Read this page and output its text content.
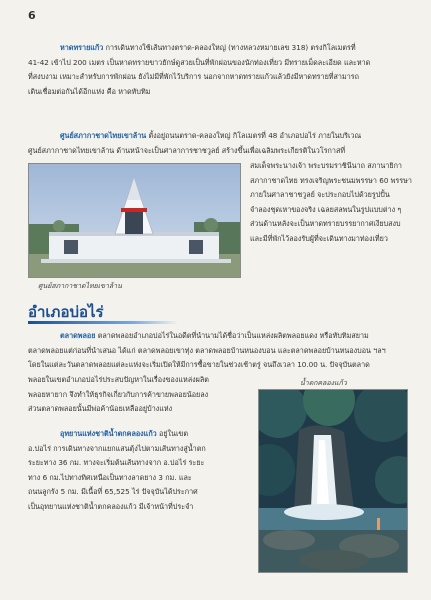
6
หาดทรายแก้ว การเดินทางใช้เส้นทางตราด-คลองใหญ่ (ทางหลวงหมายเลข 318) ตรงกิโลเมตรที่
41-42 เข้าไป 200 เมตร เป็นหาดทรายขาวยักษ์ดูสวยเป็นที่พักผ่อนของนักท่องเที่ยว มีทรายเม็ดละเอียด และหาด
ที่สงบงาม เหมาะสำหรับการพักผ่อน ยังไม่มีที่พักไว้บริการ นอกจากหาดทรายแก้วแล้วยังมีหาดทรายที่สามารถ
เดินเชื่อมต่อกันได้อีกแห่ง คือ หาดทับทิม
ศูนย์สภากาชาดไทยเขาล้าน ตั้งอยู่ถนนตราด-คลองใหญ่ กิโลเมตรที่ 48 อำเภอบ่อไร่ ภายในบริเวณ
ศูนย์สภากาชาดไทยเขาล้าน ด้านหน้าจะเป็นศาลาการชาชวูลย์ สร้างขึ้นเพื่อเฉลิมพระเกียรติในวโรกาสที่
สมเด็จพระนางเจ้า พระบรมราชินีนาถ สภานายิกา
สภากาชาดไทย ทรงเจริญพระชนมพรรษา 60 พรรษา
ภายในศาลาชาชวูลย์ จะประกอบไปด้วยรูปปั้น
จำลองชุดเหาของจริง เฉลยสลพนในรูปแบบต่าง ๆ
ส่วนด้านหลังจะเป็นหาดทรายบรรยากาศเงียบสงบ
และมีที่พักไว้ลองรับผู้ที่จะเดินทางมาท่องเที่ยว
ศูนย์สภากาชาดไทยเขาล้าน
อำเภอบ่อไร่
ตลาดพลอย ตลาดพลอยอำเภอบ่อไร่ในอดีตที่นำนามได้ชื่อว่าเป็นแหล่งผลิตพลอยแดง หรือทับทิมสยาม
ตลาดพลอยแต่ก่อนที่นำเสนอ ได้แก่ ตลาดพลอยเขาทุ่ง ตลาดพลอยบ้านหนองบอน และตลาดพลอยบ้านหนองบอน ฯลฯ
โดยในแต่ละวันตลาดพลอยแต่ละแห่งจะเริ่มเปิดให้มีการซื้อขายในช่วงเช้าตรู่ จนถึงเวลา 10.00 น. ปัจจุบันตลาด
พลอยในเขตอำเภอบ่อไร่ประสบปัญหาในเรื่องของแหล่งผลิต
พลอยหายาก จึงทำให้ธุรกิจเกี่ยวกับการค้าขายพลอยน้อยลง
ส่วนตลาดพลอยนั้นมีพ่อค้าน้อยเหลืออยู่บ้างแห่ง
น้ำตกคลองแก้ว
อุทยานแห่งชาติน้ำตกคลองแก้ว อยู่ในเขต
อ.บ่อไร่ การเดินทางจากแยกแสนตุ้งไปตามเส้นทางสู่น้ำตก
ระยะทาง 36 กม. ทางจะเริ่มต้นเส้นทางจาก อ.บ่อไร่ ระยะ
ทาง 6 กม.ไปทางทิศเหนือเป็นทางลาดยาง 3 กม. และ
ถนนลูกรัง 5 กม. มีเนื้อที่ 65,525 ไร่ ปัจจุบันได้ประกาศ
เป็นอุทยานแห่งชาติน้ำตกคลองแก้ว มีเจ้าหน้าที่ประจำ
